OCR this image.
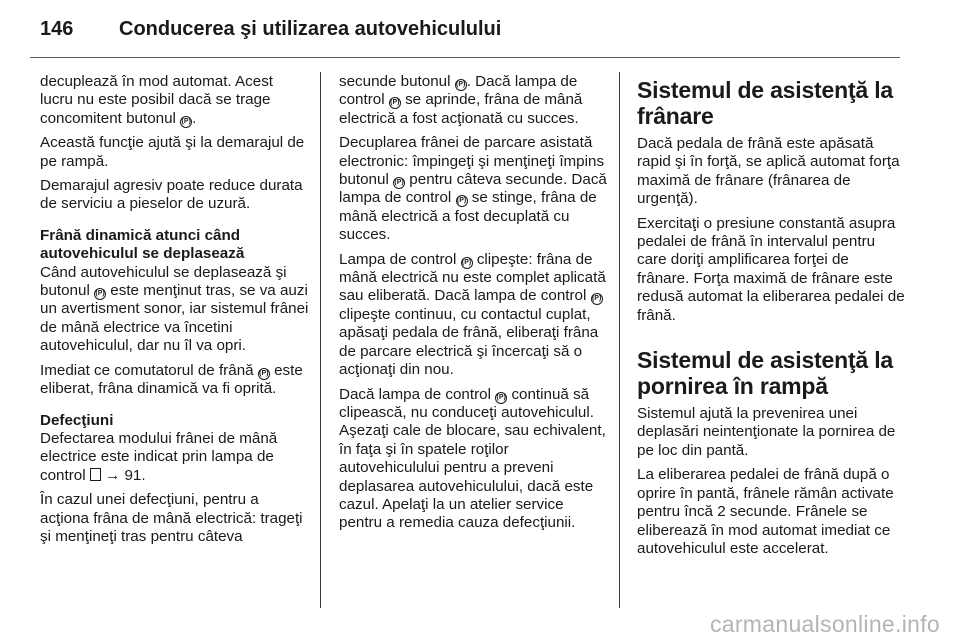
146 Conducerea şi utilizarea autovehiculului

decuplează în mod automat. Acest lucru nu este posibil dacă se trage concomitent butonul (P).

Această funcţie ajută şi la demarajul de pe rampă.

Demarajul agresiv poate reduce durata de serviciu a pieselor de uzură.

Frână dinamică atunci când autovehiculul se deplasează

Când autovehiculul se deplasează şi butonul (P) este menţinut tras, se va auzi un avertisment sonor, iar sistemul frânei de mână electrice va încetini autovehiculul, dar nu îl va opri.

Imediat ce comutatorul de frână (P) este eliberat, frâna dinamică va fi oprită.

Defecţiuni

Defectarea modului frânei de mână electrice este indicat prin lampa de control → 91.

În cazul unei defecţiuni, pentru a acţiona frâna de mână electrică: trageţi şi menţineţi tras pentru câteva

secunde butonul (P). Dacă lampa de control (P) se aprinde, frâna de mână electrică a fost acţionată cu succes.

Decuplarea frânei de parcare asistată electronic: împingeţi şi menţineţi împins butonul (P) pentru câteva secunde. Dacă lampa de control (P) se stinge, frâna de mână electrică a fost decuplată cu succes.

Lampa de control (P) clipeşte: frâna de mână electrică nu este complet aplicată sau eliberată. Dacă lampa de control (P) clipeşte continuu, cu contactul cuplat, apăsaţi pedala de frână, eliberaţi frâna de parcare electrică şi încercaţi să o acţionaţi din nou.

Dacă lampa de control (P) continuă să clipească, nu conduceţi autovehiculul. Aşezaţi cale de blocare, sau echivalent, în faţa şi în spatele roţilor autovehiculului pentru a preveni deplasarea autovehiculului, dacă este cazul. Apelaţi la un atelier service pentru a remedia cauza defecţiunii.

Sistemul de asistenţă la frânare

Dacă pedala de frână este apăsată rapid şi în forţă, se aplică automat forţa maximă de frânare (frânarea de urgenţă).

Exercitaţi o presiune constantă asupra pedalei de frână în intervalul pentru care doriţi amplificarea forţei de frânare. Forţa maximă de frânare este redusă automat la eliberarea pedalei de frână.

Sistemul de asistenţă la pornirea în rampă

Sistemul ajută la prevenirea unei deplasări neintenţionate la pornirea de pe loc din pantă.

La eliberarea pedalei de frână după o oprire în pantă, frânele rămân activate pentru încă 2 secunde. Frânele se eliberează în mod automat imediat ce autovehiculul este accelerat.

carmanualsonline.info
